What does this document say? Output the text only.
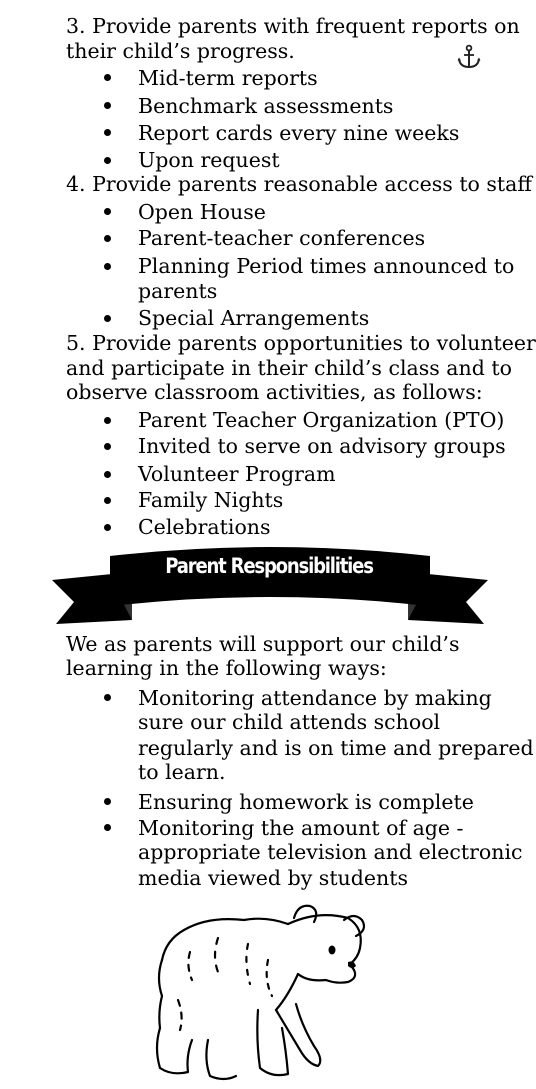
3. Provide parents with frequent reports on

their child’s progress.

Mid-term reports

Benchmark assessments

Report cards every nine weeks

Upon request

4. Provide parents reasonable access to staff

Open House

Parent-teacher conferences

Planning Period times announced to

parents

Special Arrangements

5. Provide parents opportunities to volunteer

and participate in their child’s class and to

observe classroom activities, as follows:

Parent Teacher Organization (PTO)

Invited to serve on advisory groups

Volunteer Program

Family Nights

Celebrations

Parent Responsibilities

We as parents will support our child’s

learning in the following ways:

Monitoring attendance by making

sure our child attends school

regularly and is on time and prepared

to learn.

Ensuring homework is complete

Monitoring the amount of age -

appropriate television and electronic

media viewed by students
